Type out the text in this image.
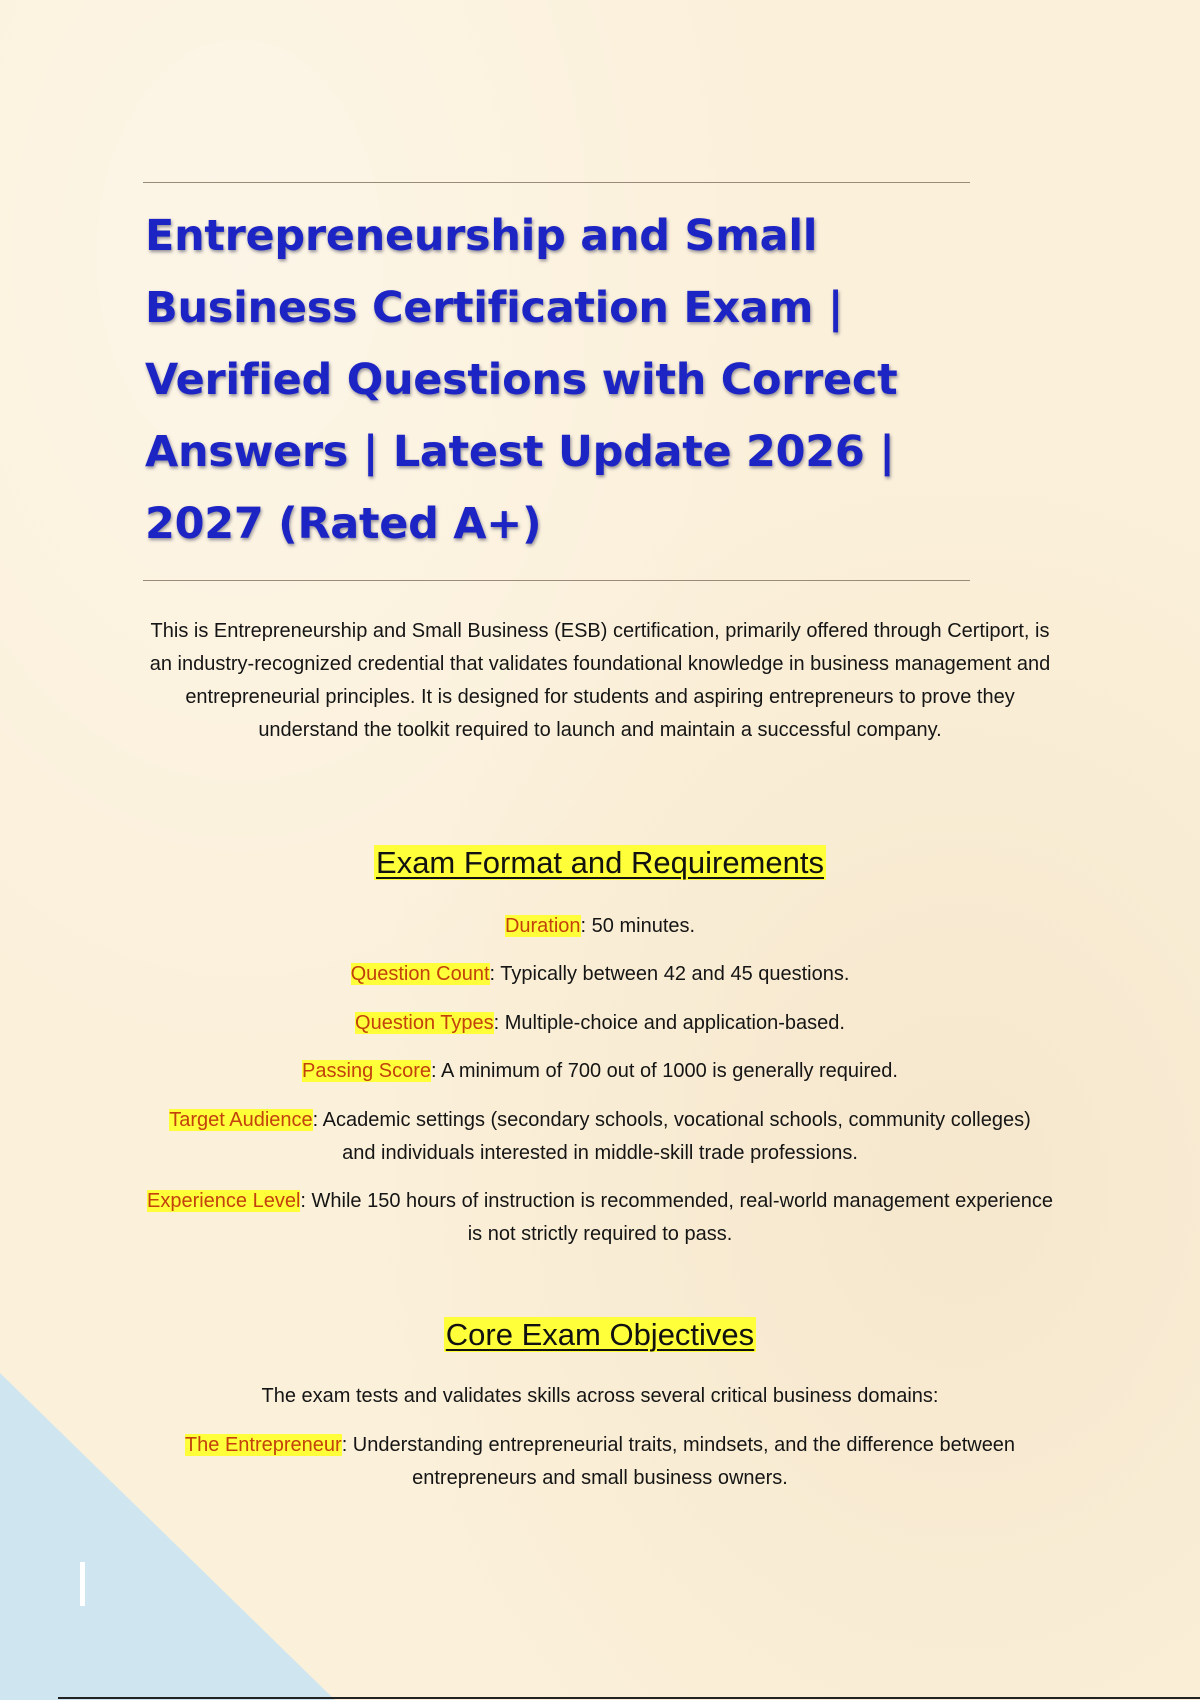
Entrepreneurship and Small Business Certification Exam | Verified Questions with Correct Answers | Latest Update 2026 | 2027 (Rated A+)

This is Entrepreneurship and Small Business (ESB) certification, primarily offered through Certiport, is an industry-recognized credential that validates foundational knowledge in business management and entrepreneurial principles. It is designed for students and aspiring entrepreneurs to prove they understand the toolkit required to launch and maintain a successful company.

Exam Format and Requirements

Duration: 50 minutes.

Question Count: Typically between 42 and 45 questions.

Question Types: Multiple-choice and application-based.

Passing Score: A minimum of 700 out of 1000 is generally required.

Target Audience: Academic settings (secondary schools, vocational schools, community colleges) and individuals interested in middle-skill trade professions.

Experience Level: While 150 hours of instruction is recommended, real-world management experience is not strictly required to pass.

Core Exam Objectives

The exam tests and validates skills across several critical business domains:

The Entrepreneur: Understanding entrepreneurial traits, mindsets, and the difference between entrepreneurs and small business owners.
